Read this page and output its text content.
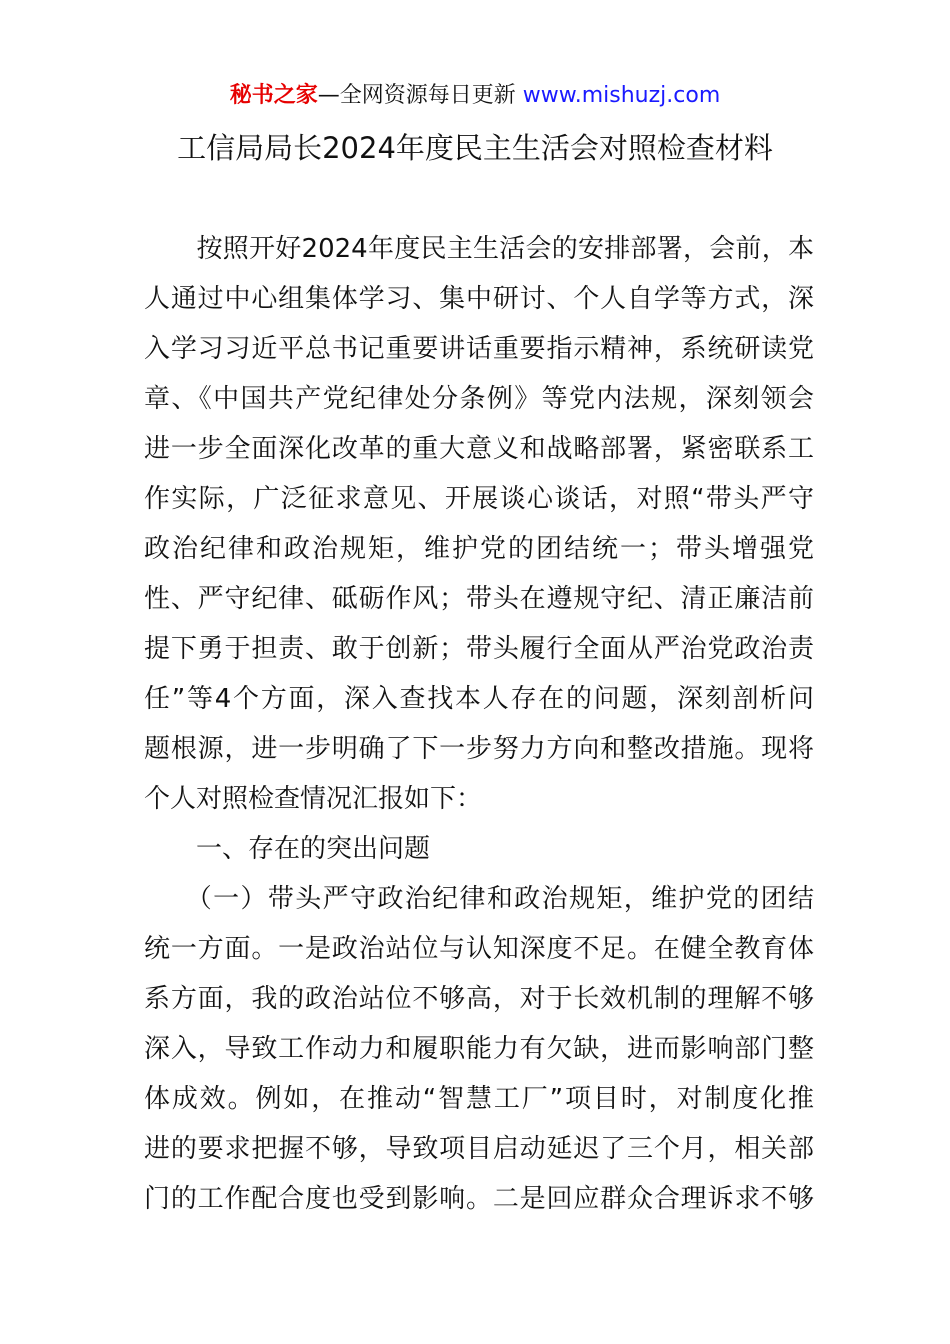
秘书之家—全网资源每日更新 www.mishuzj.com
工信局局长2024年度民主生活会对照检查材料
　　按照开好2024年度民主生活会的安排部署，会前，本
人通过中心组集体学习、集中研讨、个人自学等方式，深
入学习习近平总书记重要讲话重要指示精神，系统研读党
章、《中国共产党纪律处分条例》等党内法规，深刻领会
进一步全面深化改革的重大意义和战略部署，紧密联系工
作实际，广泛征求意见、开展谈心谈话，对照“带头严守
政治纪律和政治规矩，维护党的团结统一；带头增强党
性、严守纪律、砥砺作风；带头在遵规守纪、清正廉洁前
提下勇于担责、敢于创新；带头履行全面从严治党政治责
任”等4个方面，深入查找本人存在的问题，深刻剖析问
题根源，进一步明确了下一步努力方向和整改措施。现将
个人对照检查情况汇报如下：
　　一、存在的突出问题
　　（一）带头严守政治纪律和政治规矩，维护党的团结
统一方面。一是政治站位与认知深度不足。在健全教育体
系方面，我的政治站位不够高，对于长效机制的理解不够
深入，导致工作动力和履职能力有欠缺，进而影响部门整
体成效。例如，在推动“智慧工厂”项目时，对制度化推
进的要求把握不够，导致项目启动延迟了三个月，相关部
门的工作配合度也受到影响。二是回应群众合理诉求不够
